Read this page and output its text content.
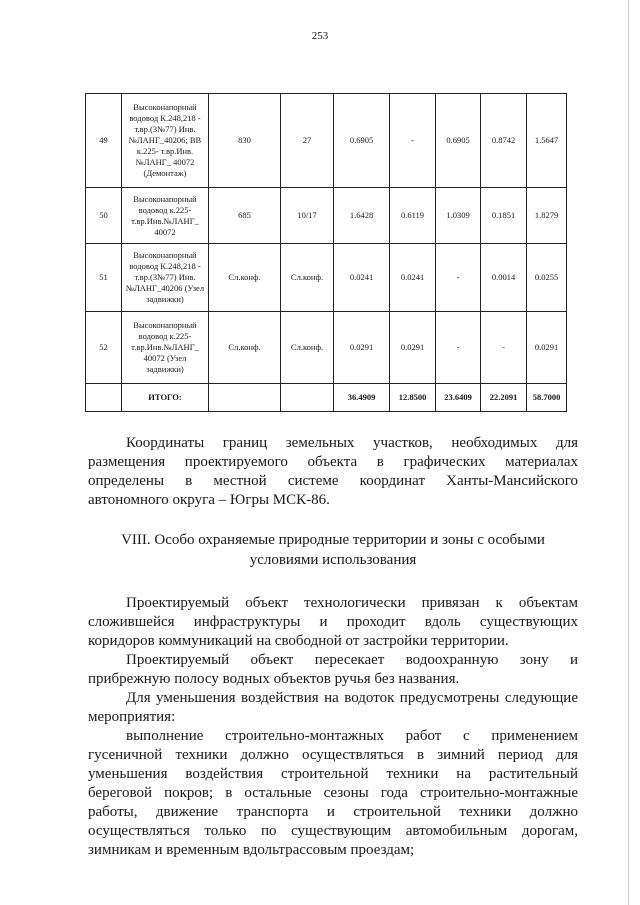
253
49	Высоконапорный водовод К.248,218 - т.вр.(3№77) Инв.№ЛАНГ_40206; ВВ к.225- т.вр.Инв.№ЛАНГ_ 40072 (Демонтаж)	830	27	0.6905	-	0.6905	0.8742	1.5647
50	Высоконапорный водовод к.225- т.вр.Инв.№ЛАНГ_ 40072	685	10/17	1.6428	0.6119	1.0309	0.1851	1.8279
51	Высоконапорный водовод К.248,218 - т.вр.(3№77) Инв.№ЛАНГ_40206 (Узел задвижки)	Сл.конф.	Сл.конф.	0.0241	0.0241	-	0.0014	0.0255
52	Высоконапорный водовод к.225- т.вр.Инв.№ЛАНГ_ 40072 (Узел задвижки)	Сл.конф.	Сл.конф.	0.0291	0.0291	-	-	0.0291
	ИТОГО:			36.4909	12.8500	23.6409	22.2091	58.7000
Координаты границ земельных участков, необходимых для
размещения проектируемого объекта в графических материалах
определены в местной системе координат Ханты-Мансийского
автономного округа – Югры МСК-86.
VIII. Особо охраняемые природные территории и зоны с особыми
условиями использования
Проектируемый объект технологически привязан к объектам
сложившейся инфраструктуры и проходит вдоль существующих
коридоров коммуникаций на свободной от застройки территории.
Проектируемый объект пересекает водоохранную зону и
прибрежную полосу водных объектов ручья без названия.
Для уменьшения воздействия на водоток предусмотрены следующие
мероприятия:
выполнение строительно-монтажных работ с применением
гусеничной техники должно осуществляться в зимний период для
уменьшения воздействия строительной техники на растительный
береговой покров; в остальные сезоны года строительно-монтажные
работы, движение транспорта и строительной техники должно
осуществляться только по существующим автомобильным дорогам,
зимникам и временным вдольтрассовым проездам;
